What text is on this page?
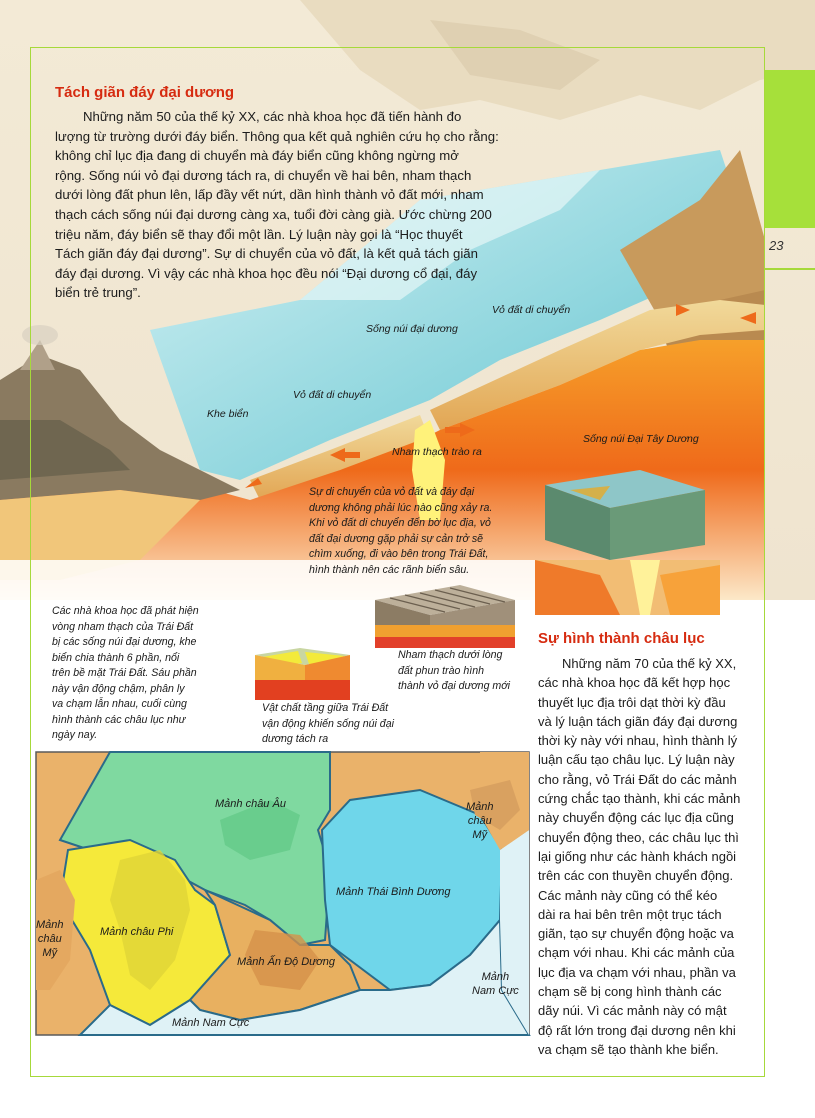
23
Tách giãn đáy đại dương
Những năm 50 của thế kỷ XX, các nhà khoa học đã tiến hành đo
lượng từ trường dưới đáy biển. Thông qua kết quả nghiên cứu họ cho rằng:
không chỉ lục địa đang di chuyển mà đáy biển cũng không ngừng mở
rộng. Sống núi vỏ đại dương tách ra, di chuyển về hai bên, nham thạch
dưới lòng đất phun lên, lấp đầy vết nứt, dần hình thành vỏ đất mới, nham
thạch cách sống núi đại dương càng xa, tuổi đời càng già. Ước chừng 200
triệu năm, đáy biển sẽ thay đổi một lần. Lý luận này gọi là “Học thuyết
Tách giãn đáy đại dương”. Sự di chuyển của vỏ đất, là kết quả tách giãn
đáy đại dương. Vì vậy các nhà khoa học đều nói “Đại dương cổ đại, đáy
biển trẻ trung”.
Vỏ đất di chuyển
Sống núi đại dương
Vỏ đất di chuyển
Khe biển
Nham thạch trào ra
Sống núi Đại Tây Dương
Sự di chuyển của vỏ đất và đáy đại
dương không phải lúc nào cũng xảy ra.
Khi vỏ đất di chuyển đến bờ lục địa, vỏ
đất đại dương gặp phải sự cản trở sẽ
chìm xuống, đi vào bên trong Trái Đất,
hình thành nên các rãnh biển sâu.
Các nhà khoa học đã phát hiện
vòng nham thạch của Trái Đất
bị các sống núi đại dương, khe
biển chia thành 6 phần, nổi
trên bề mặt Trái Đất. Sáu phần
này vận động chậm, phân ly
va chạm lẫn nhau, cuối cùng
hình thành các châu lục như
ngày nay.
Nham thạch dưới lòng
đất phun trào hình
thành vỏ đại dương mới
Vật chất tầng giữa Trái Đất
vận động khiến sống núi đại
dương tách ra
Sự hình thành châu lục
Những năm 70 của thế kỷ XX,
các nhà khoa học đã kết hợp học
thuyết lục địa trôi dạt thời kỳ đầu
và lý luận tách giãn đáy đại dương
thời kỳ này với nhau, hình thành lý
luận cấu tạo châu lục. Lý luận này
cho rằng, vỏ Trái Đất do các mảnh
cứng chắc tạo thành, khi các mảnh
này chuyển động các lục địa cũng
chuyển động theo, các châu lục thì
lại giống như các hành khách ngồi
trên các con thuyền chuyển động.
Các mảnh này cũng có thể kéo
dài ra hai bên trên một trục tách
giãn, tạo sự chuyển động hoặc va
chạm với nhau. Khi các mảnh của
lục địa va chạm với nhau, phần va
chạm sẽ bị cong hình thành các
dãy núi. Vì các mảnh này có mật
độ rất lớn trong đại dương nên khi
va chạm sẽ tạo thành khe biển.
Mảnh châu Âu
Mảnh châu Phi
Mảnh Thái Bình Dương
Mảnh Ấn Độ Dương
Mảnh Nam Cực
Mảnh
Nam Cực
Mảnh
châu
Mỹ
Mảnh
châu
Mỹ
